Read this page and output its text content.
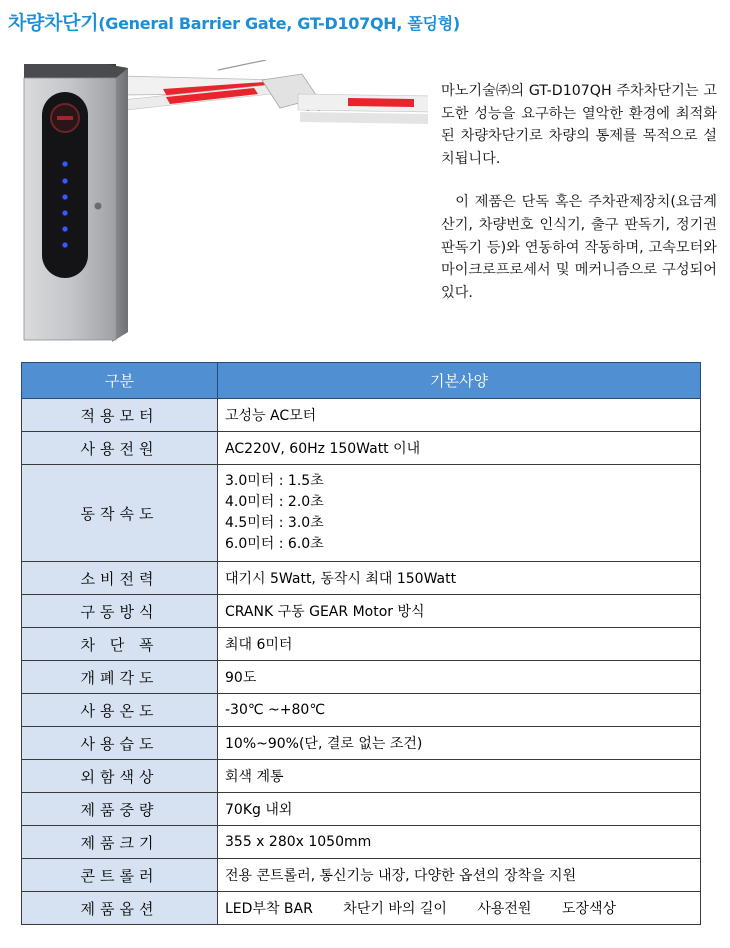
차량차단기(General Barrier Gate, GT-D107QH, 폴딩형)

마노기술㈜의 GT-D107QH 주차차단기는 고도한 성능을 요구하는 열악한 환경에 최적화된 차량차단기로 차량의 통제를 목적으로 설치됩니다.

이 제품은 단독 혹은 주차관제장치(요금계산기, 차량번호 인식기, 출구 판독기, 정기권 판독기 등)와 연동하여 작동하며, 고속모터와 마이크로프로세서 및 메커니즘으로 구성되어 있다.

구분	기본사양
적용모터	고성능 AC모터
사용전원	AC220V, 60Hz 150Watt 이내
동작속도	3.0미터 : 1.5초
4.0미터 : 2.0초
4.5미터 : 3.0초
6.0미터 : 6.0초

소비전력	대기시 5Watt, 동작시 최대 150Watt
구동방식	CRANK 구동 GEAR Motor 방식
차 단 폭	최대 6미터
개폐각도	90도
사용온도	-30℃ ~+80℃
사용습도	10%~90%(단, 결로 없는 조건)
외함색상	회색 계통
제품중량	70Kg 내외
제품크기	355 x 280x 1050mm
콘트롤러	전용 콘트롤러, 통신기능 내장, 다양한 옵션의 장착을 지원
제품옵션	LED부착 BAR 차단기 바의 길이 사용전원 도장색상
